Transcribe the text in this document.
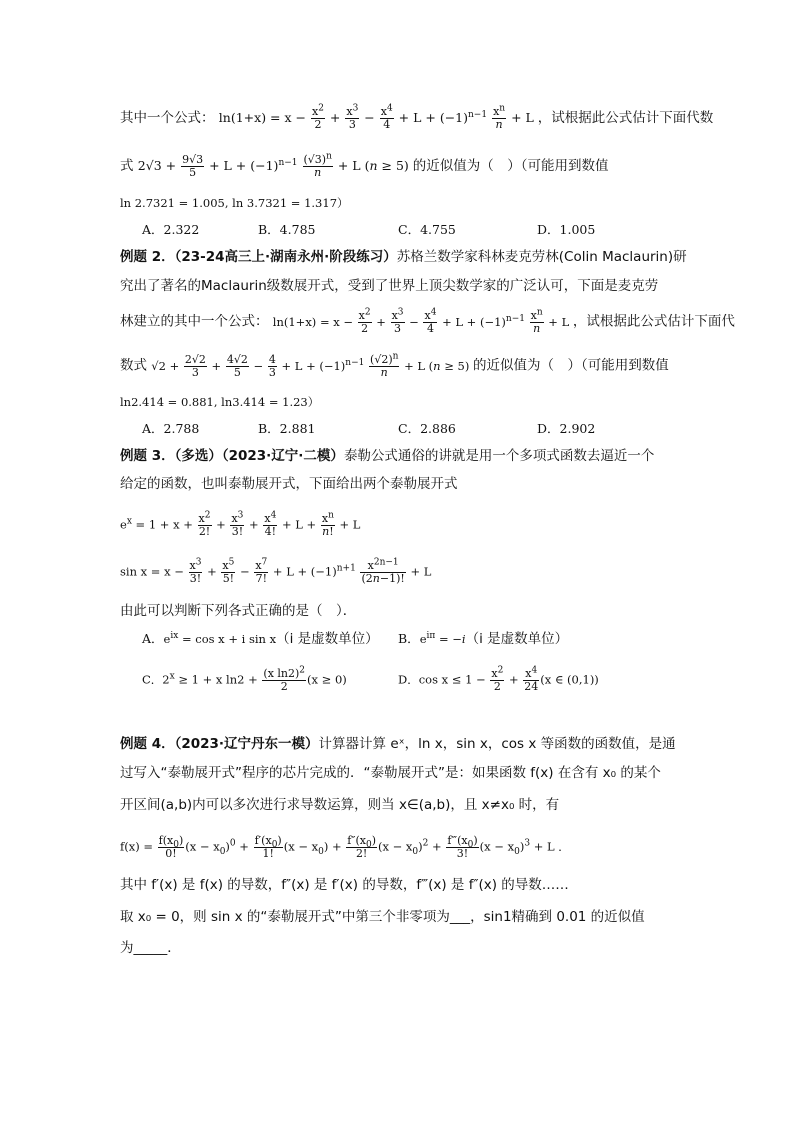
其中一个公式： $\ln(1+x) = x - \frac{x^2}{2} + \frac{x^3}{3} - \frac{x^4}{4} + L + (-1)^{n-1} \frac{x^n}{n} + L$ ，试根据此公式估计下面代数
式 $2√3 + \frac{9√3}{5} + L + (-1)^{n-1} \frac{(√3)^n}{n} + L$ (n ≥ 5) 的近似值为（　）（可能用到数值
ln 2.7321 = 1.005, ln 3.7321 = 1.317）
A．2.322	B．4.785	C．4.755	D．1.005
例题 2．（23-24高三上·湖南永州·阶段练习）苏格兰数学家科林麦克劳林(Colin Maclaurin)研
究出了著名的Maclaurin级数展开式，受到了世界上顶尖数学家的广泛认可，下面是麦克劳
林建立的其中一个公式： $\ln(1+x) = x - \frac{x^2}{2} + \frac{x^3}{3} - \frac{x^4}{4} + L + (-1)^{n-1} \frac{x^n}{n} + L$ ，试根据此公式估计下面代
数式 $√2 + \frac{2√2}{3} + \frac{4√2}{5} - \frac{4}{3} + L + (-1)^{n-1} \frac{(√2)^n}{n} + L$ (n ≥ 5) 的近似值为（　）（可能用到数值
ln2.414 = 0.881, ln3.414 = 1.23）
A．2.788	B．2.881	C．2.886	D．2.902
例题 3．（多选）（2023·辽宁·二模）泰勒公式通俗的讲就是用一个多项式函数去逼近一个
给定的函数，也叫泰勒展开式，下面给出两个泰勒展开式
$e^x = 1 + x + \frac{x^2}{2!} + \frac{x^3}{3!} + \frac{x^4}{4!} + L + \frac{x^n}{n!} + L$
$\sin x = x - \frac{x^3}{3!} + \frac{x^5}{5!} - \frac{x^7}{7!} + L + (-1)^{n+1} \frac{x^{2n-1}}{(2n-1)!} + L$
由此可以判断下列各式正确的是（　）．
A．$e^{ix} = \cos x + i$ sin x（i 是虚数单位） B．$e^{i\pi} = -i(i$ 是虚数单位）
C．$2^x \ge 1 + x$ $\ln 2 + \frac{(x \ln 2)^2}{2} (x \ge 0)$	D．$\cos x \le 1 - \frac{x^2}{2} + \frac{x^4}{24} (x$ ∈ (0,1))
例题 4．（2023·辽宁丹东一模）计算器计算 eˣ，ln x，sin x，cos x 等函数的函数值，是通
过写入“泰勒展开式”程序的芯片完成的．“泰勒展开式”是：如果函数 f(x) 在含有 x₀ 的某个
开区间(a,b)内可以多次进行求导数运算，则当 x∈(a,b)，且 x≠x₀ 时，有
$f(x) = \frac{f(x_0)}{0!} (x - x_0)^0 + \frac{f'(x_0)}{1!} (x - x_0) + \frac{f''(x_0)}{2!} (x - x_0)^2 + \frac{f‴(x_0)}{3!} (x - x_0)^3 + L$ ．
其中 f′(x) 是 f(x) 的导数，f″(x) 是 f′(x) 的导数，f‴(x) 是 f″(x) 的导数……
取 x₀ = 0，则 sin x 的“泰勒展开式”中第三个非零项为___，sin1精确到 0.01 的近似值
为_____．
